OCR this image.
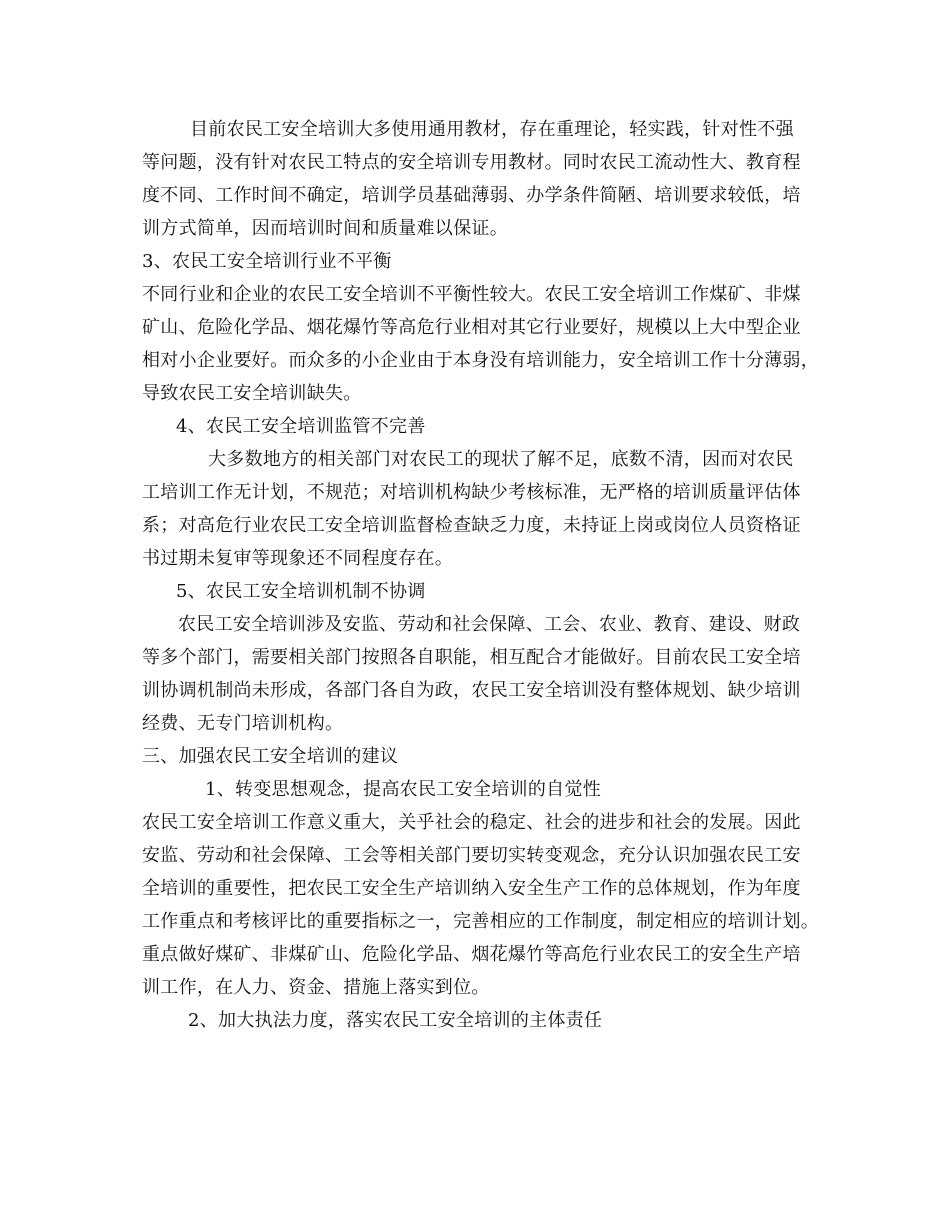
目前农民工安全培训大多使用通用教材，存在重理论，轻实践，针对性不强
等问题，没有针对农民工特点的安全培训专用教材。同时农民工流动性大、教育程
度不同、工作时间不确定，培训学员基础薄弱、办学条件简陋、培训要求较低，培
训方式简单，因而培训时间和质量难以保证。
3、农民工安全培训行业不平衡
不同行业和企业的农民工安全培训不平衡性较大。农民工安全培训工作煤矿、非煤
矿山、危险化学品、烟花爆竹等高危行业相对其它行业要好，规模以上大中型企业
相对小企业要好。而众多的小企业由于本身没有培训能力，安全培训工作十分薄弱，
导致农民工安全培训缺失。
4、农民工安全培训监管不完善
大多数地方的相关部门对农民工的现状了解不足，底数不清，因而对农民
工培训工作无计划，不规范；对培训机构缺少考核标准，无严格的培训质量评估体
系；对高危行业农民工安全培训监督检查缺乏力度，未持证上岗或岗位人员资格证
书过期未复审等现象还不同程度存在。
5、农民工安全培训机制不协调
农民工安全培训涉及安监、劳动和社会保障、工会、农业、教育、建设、财政
等多个部门，需要相关部门按照各自职能，相互配合才能做好。目前农民工安全培
训协调机制尚未形成，各部门各自为政，农民工安全培训没有整体规划、缺少培训
经费、无专门培训机构。
三、加强农民工安全培训的建议
1、转变思想观念，提高农民工安全培训的自觉性
农民工安全培训工作意义重大，关乎社会的稳定、社会的进步和社会的发展。因此
安监、劳动和社会保障、工会等相关部门要切实转变观念，充分认识加强农民工安
全培训的重要性，把农民工安全生产培训纳入安全生产工作的总体规划，作为年度
工作重点和考核评比的重要指标之一，完善相应的工作制度，制定相应的培训计划。
重点做好煤矿、非煤矿山、危险化学品、烟花爆竹等高危行业农民工的安全生产培
训工作，在人力、资金、措施上落实到位。
2、加大执法力度，落实农民工安全培训的主体责任
